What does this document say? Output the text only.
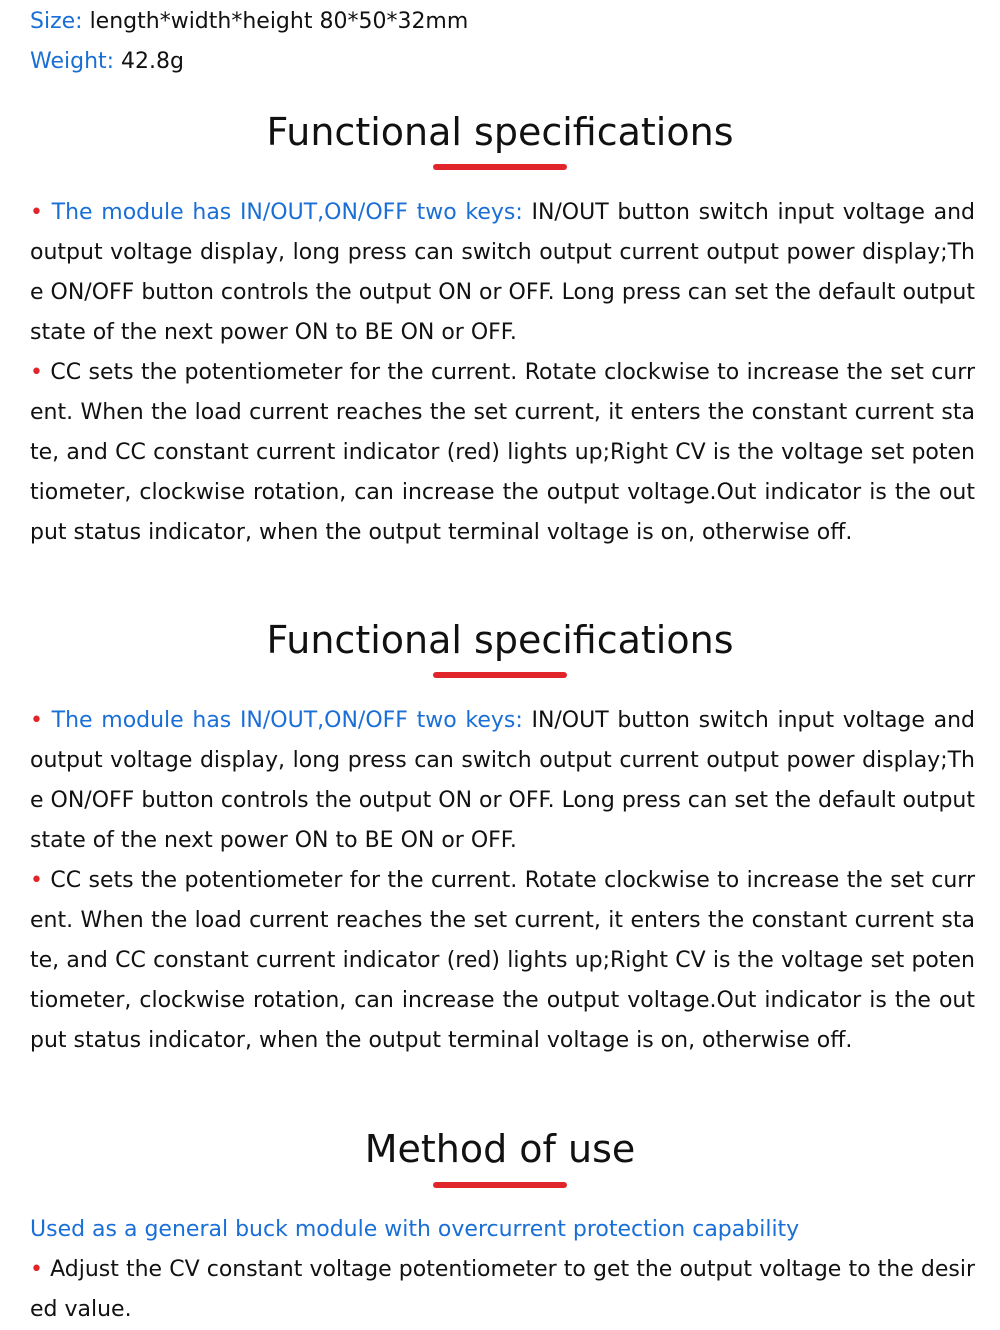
Size: length*width*height 80*50*32mm
Weight: 42.8g
Functional specifications
• The module has IN/OUT,ON/OFF two keys: IN/OUT button switch input voltage and output voltage display, long press can switch output current output power display;The ON/OFF button controls the output ON or OFF. Long press can set the default output state of the next power ON to BE ON or OFF.
• CC sets the potentiometer for the current. Rotate clockwise to increase the set current. When the load current reaches the set current, it enters the constant current state, and CC constant current indicator (red) lights up;Right CV is the voltage set potentiometer, clockwise rotation, can increase the output voltage.Out indicator is the output status indicator, when the output terminal voltage is on, otherwise off.
Functional specifications
• The module has IN/OUT,ON/OFF two keys: IN/OUT button switch input voltage and output voltage display, long press can switch output current output power display;The ON/OFF button controls the output ON or OFF. Long press can set the default output state of the next power ON to BE ON or OFF.
• CC sets the potentiometer for the current. Rotate clockwise to increase the set current. When the load current reaches the set current, it enters the constant current state, and CC constant current indicator (red) lights up;Right CV is the voltage set potentiometer, clockwise rotation, can increase the output voltage.Out indicator is the output status indicator, when the output terminal voltage is on, otherwise off.
Method of use
Used as a general buck module with overcurrent protection capability
• Adjust the CV constant voltage potentiometer to get the output voltage to the desired value.
